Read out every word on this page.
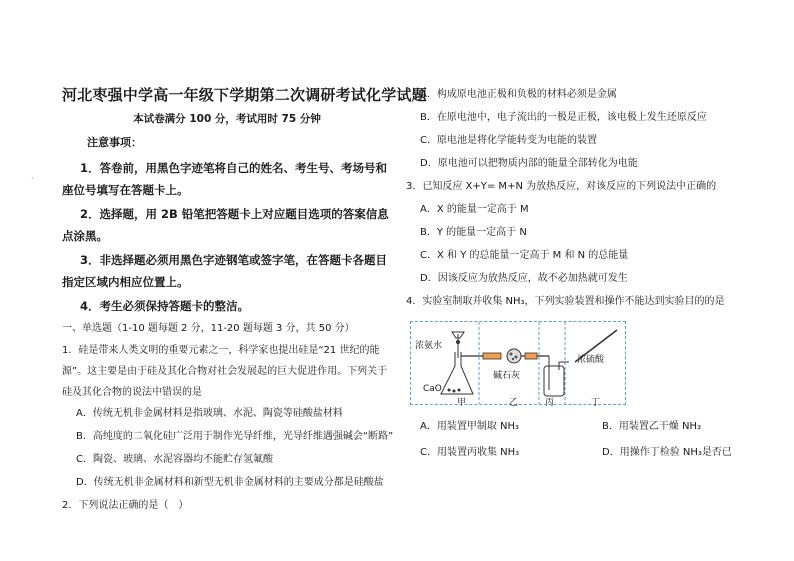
·
河北枣强中学高一年级下学期第二次调研考试化学试题

本试卷满分 100 分，考试用时 75 分钟

注意事项：

1．答卷前，用黑色字迹笔将自己的姓名、考生号、考场号和座位号填写在答题卡上。

2．选择题，用 2B 铅笔把答题卡上对应题目选项的答案信息点涂黑。

3．非选择题必须用黑色字迹钢笔或签字笔，在答题卡各题目指定区域内相应位置上。

4．考生必须保持答题卡的整洁。

一、单选题（1-10 题每题 2 分，11-20 题每题 3 分，共 50 分）

1．硅是带来人类文明的重要元素之一，科学家也提出硅是“21 世纪的能源”。这主要是由于硅及其化合物对社会发展起的巨大促进作用。下列关于硅及其化合物的说法中错误的是

A．传统无机非金属材料是指玻璃、水泥、陶瓷等硅酸盐材料

B．高纯度的二氧化硅广泛用于制作光导纤维，光导纤维遇强碱会“断路”

C．陶瓷、玻璃、水泥容器均不能贮存氢氟酸

D．传统无机非金属材料和新型无机非金属材料的主要成分都是硅酸盐

2．下列说法正确的是（　）

A．构成原电池正极和负极的材料必须是金属

B．在原电池中，电子流出的一极是正极，该电极上发生还原反应

C．原电池是将化学能转变为电能的装置

D．原电池可以把物质内部的能量全部转化为电能

3．已知反应 X+Y= M+N 为放热反应，对该反应的下列说法中正确的

A．X 的能量一定高于 M

B．Y 的能量一定高于 N

C．X 和 Y 的总能量一定高于 M 和 N 的总能量

D．因该反应为放热反应，故不必加热就可发生

4．实验室制取并收集 NH₃，下列实验装置和操作不能达到实验目的的是

浓氨水
CaO
碱石灰
浓硫酸
甲	乙	丙	丁
A．用装置甲制取 NH₃	B．用装置乙干燥 NH₃
C．用装置丙收集 NH₃	D．用操作丁检验 NH₃是否已
